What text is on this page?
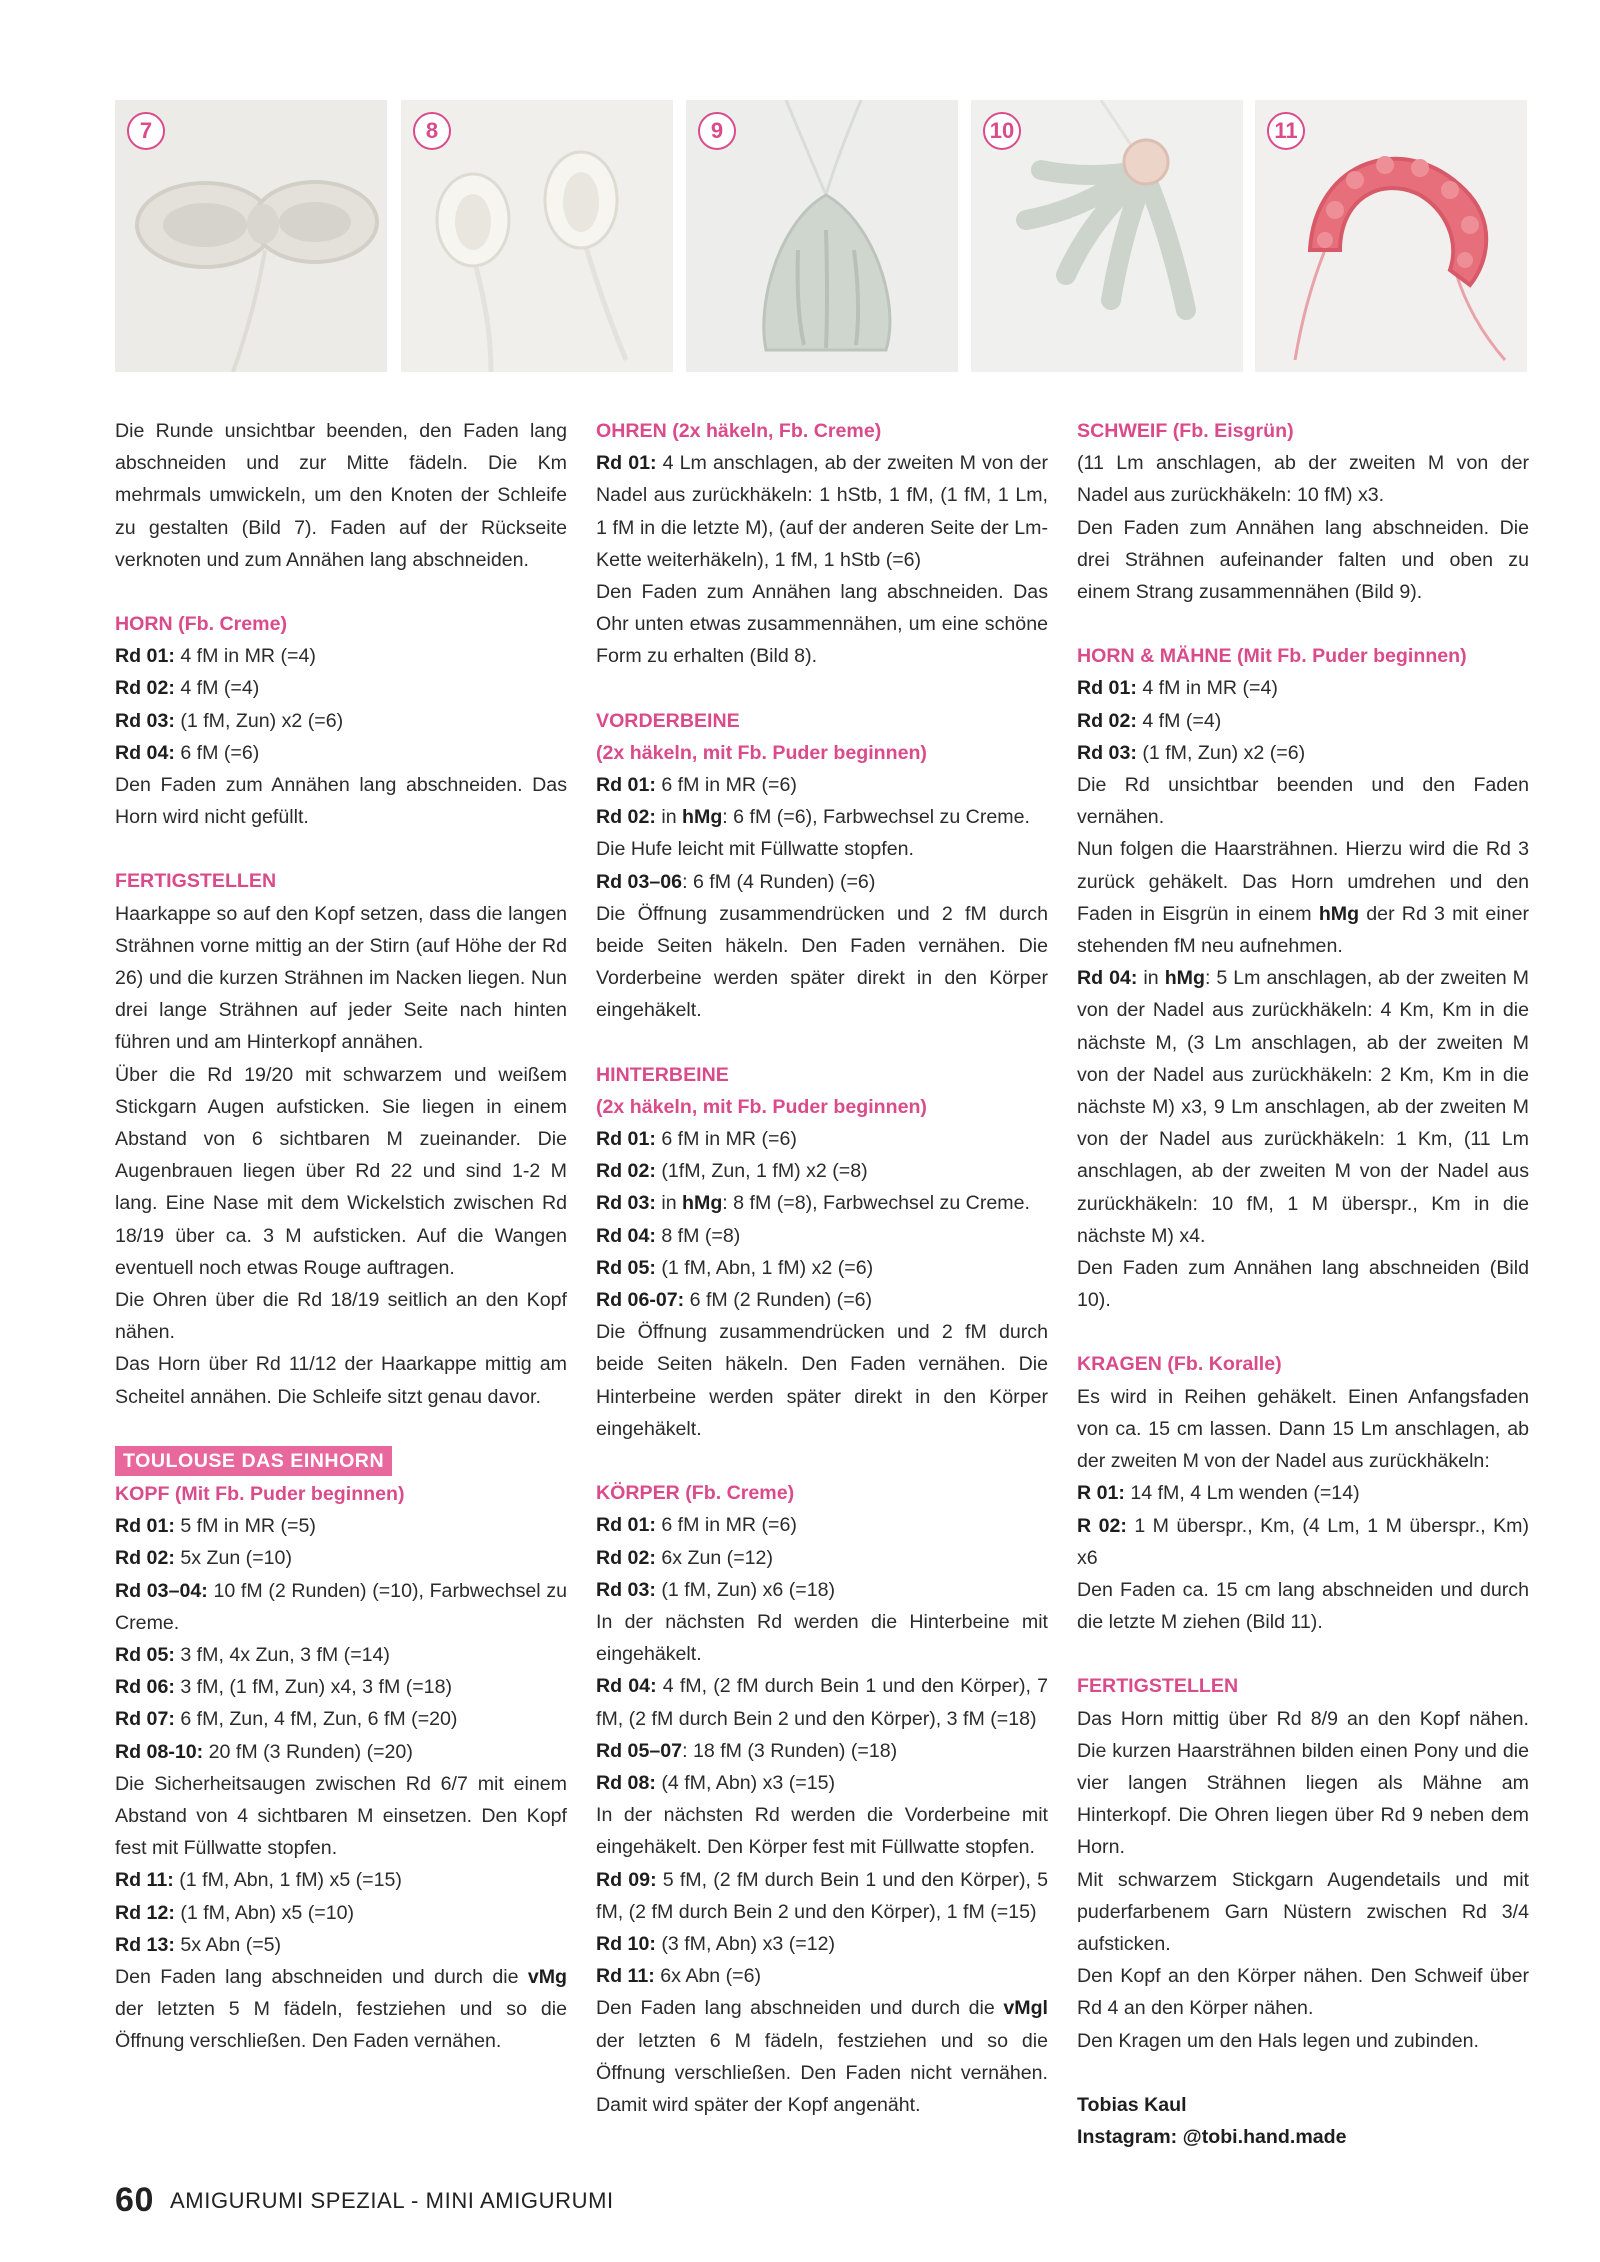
7	8	9	10	11

Die Runde unsichtbar beenden, den Faden lang abschneiden und zur Mitte fädeln. Die Km mehrmals umwickeln, um den Knoten der Schleife zu gestalten (Bild 7). Faden auf der Rückseite verknoten und zum Annähen lang abschneiden.

HORN (Fb. Creme)

Rd 01: 4 fM in MR (=4)

Rd 02: 4 fM (=4)

Rd 03: (1 fM, Zun) x2 (=6)

Rd 04: 6 fM (=6)

Den Faden zum Annähen lang abschneiden. Das Horn wird nicht gefüllt.

FERTIGSTELLEN

Haarkappe so auf den Kopf setzen, dass die langen Strähnen vorne mittig an der Stirn (auf Höhe der Rd 26) und die kurzen Strähnen im Nacken liegen. Nun drei lange Strähnen auf jeder Seite nach hinten führen und am Hinterkopf annähen.

Über die Rd 19/20 mit schwarzem und weißem Stickgarn Augen aufsticken. Sie liegen in einem Abstand von 6 sichtbaren M zueinander. Die Augenbrauen liegen über Rd 22 und sind 1-2 M lang. Eine Nase mit dem Wickelstich zwischen Rd 18/19 über ca. 3 M aufsticken. Auf die Wangen eventuell noch etwas Rouge auftragen.

Die Ohren über die Rd 18/19 seitlich an den Kopf nähen.

Das Horn über Rd 11/12 der Haarkappe mittig am Scheitel annähen. Die Schleife sitzt genau davor.

TOULOUSE DAS EINHORN

KOPF (Mit Fb. Puder beginnen)

Rd 01: 5 fM in MR (=5)

Rd 02: 5x Zun (=10)

Rd 03–04: 10 fM (2 Runden) (=10), Farbwechsel zu Creme.

Rd 05: 3 fM, 4x Zun, 3 fM (=14)

Rd 06: 3 fM, (1 fM, Zun) x4, 3 fM (=18)

Rd 07: 6 fM, Zun, 4 fM, Zun, 6 fM (=20)

Rd 08-10: 20 fM (3 Runden) (=20)

Die Sicherheitsaugen zwischen Rd 6/7 mit einem Abstand von 4 sichtbaren M einsetzen. Den Kopf fest mit Füllwatte stopfen.

Rd 11: (1 fM, Abn, 1 fM) x5 (=15)

Rd 12: (1 fM, Abn) x5 (=10)

Rd 13: 5x Abn (=5)

Den Faden lang abschneiden und durch die vMg der letzten 5 M fädeln, festziehen und so die Öffnung verschließen. Den Faden vernähen.

OHREN (2x häkeln, Fb. Creme)

Rd 01: 4 Lm anschlagen, ab der zweiten M von der Nadel aus zurückhäkeln: 1 hStb, 1 fM, (1 fM, 1 Lm, 1 fM in die letzte M), (auf der anderen Seite der Lm-Kette weiterhäkeln), 1 fM, 1 hStb (=6)

Den Faden zum Annähen lang abschneiden. Das Ohr unten etwas zusammennähen, um eine schöne Form zu erhalten (Bild 8).

VORDERBEINE

(2x häkeln, mit Fb. Puder beginnen)

Rd 01: 6 fM in MR (=6)

Rd 02: in hMg: 6 fM (=6), Farbwechsel zu Creme.

Die Hufe leicht mit Füllwatte stopfen.

Rd 03–06: 6 fM (4 Runden) (=6)

Die Öffnung zusammendrücken und 2 fM durch beide Seiten häkeln. Den Faden vernähen. Die Vorderbeine werden später direkt in den Körper eingehäkelt.

HINTERBEINE

(2x häkeln, mit Fb. Puder beginnen)

Rd 01: 6 fM in MR (=6)

Rd 02: (1fM, Zun, 1 fM) x2 (=8)

Rd 03: in hMg: 8 fM (=8), Farbwechsel zu Creme.

Rd 04: 8 fM (=8)

Rd 05: (1 fM, Abn, 1 fM) x2 (=6)

Rd 06-07: 6 fM (2 Runden) (=6)

Die Öffnung zusammendrücken und 2 fM durch beide Seiten häkeln. Den Faden vernähen. Die Hinterbeine werden später direkt in den Körper eingehäkelt.

KÖRPER (Fb. Creme)

Rd 01: 6 fM in MR (=6)

Rd 02: 6x Zun (=12)

Rd 03: (1 fM, Zun) x6 (=18)

In der nächsten Rd werden die Hinterbeine mit eingehäkelt.

Rd 04: 4 fM, (2 fM durch Bein 1 und den Körper), 7 fM, (2 fM durch Bein 2 und den Körper), 3 fM (=18)

Rd 05–07: 18 fM (3 Runden) (=18)

Rd 08: (4 fM, Abn) x3 (=15)

In der nächsten Rd werden die Vorderbeine mit eingehäkelt. Den Körper fest mit Füllwatte stopfen.

Rd 09: 5 fM, (2 fM durch Bein 1 und den Körper), 5 fM, (2 fM durch Bein 2 und den Körper), 1 fM (=15)

Rd 10: (3 fM, Abn) x3 (=12)

Rd 11: 6x Abn (=6)

Den Faden lang abschneiden und durch die vMgl der letzten 6 M fädeln, festziehen und so die Öffnung verschließen. Den Faden nicht vernähen. Damit wird später der Kopf angenäht.

SCHWEIF (Fb. Eisgrün)

(11 Lm anschlagen, ab der zweiten M von der Nadel aus zurückhäkeln: 10 fM) x3.

Den Faden zum Annähen lang abschneiden. Die drei Strähnen aufeinander falten und oben zu einem Strang zusammennähen (Bild 9).

HORN & MÄHNE (Mit Fb. Puder beginnen)

Rd 01: 4 fM in MR (=4)

Rd 02: 4 fM (=4)

Rd 03: (1 fM, Zun) x2 (=6)

Die Rd unsichtbar beenden und den Faden vernähen.

Nun folgen die Haarsträhnen. Hierzu wird die Rd 3 zurück gehäkelt. Das Horn umdrehen und den Faden in Eisgrün in einem hMg der Rd 3 mit einer stehenden fM neu aufnehmen.

Rd 04: in hMg: 5 Lm anschlagen, ab der zweiten M von der Nadel aus zurückhäkeln: 4 Km, Km in die nächste M, (3 Lm anschlagen, ab der zweiten M von der Nadel aus zurückhäkeln: 2 Km, Km in die nächste M) x3, 9 Lm anschlagen, ab der zweiten M von der Nadel aus zurückhäkeln: 1 Km, (11 Lm anschlagen, ab der zweiten M von der Nadel aus zurückhäkeln: 10 fM, 1 M überspr., Km in die nächste M) x4.

Den Faden zum Annähen lang abschneiden (Bild 10).

KRAGEN (Fb. Koralle)

Es wird in Reihen gehäkelt. Einen Anfangsfaden von ca. 15 cm lassen. Dann 15 Lm anschlagen, ab der zweiten M von der Nadel aus zurückhäkeln:

R 01: 14 fM, 4 Lm wenden (=14)

R 02: 1 M überspr., Km, (4 Lm, 1 M überspr., Km) x6

Den Faden ca. 15 cm lang abschneiden und durch die letzte M ziehen (Bild 11).

FERTIGSTELLEN

Das Horn mittig über Rd 8/9 an den Kopf nähen. Die kurzen Haarsträhnen bilden einen Pony und die vier langen Strähnen liegen als Mähne am Hinterkopf. Die Ohren liegen über Rd 9 neben dem Horn.

Mit schwarzem Stickgarn Augendetails und mit puderfarbenem Garn Nüstern zwischen Rd 3/4 aufsticken.

Den Kopf an den Körper nähen. Den Schweif über Rd 4 an den Körper nähen.

Den Kragen um den Hals legen und zubinden.

Tobias Kaul

Instagram: @tobi.hand.made

60 AMIGURUMI SPEZIAL - MINI AMIGURUMI
